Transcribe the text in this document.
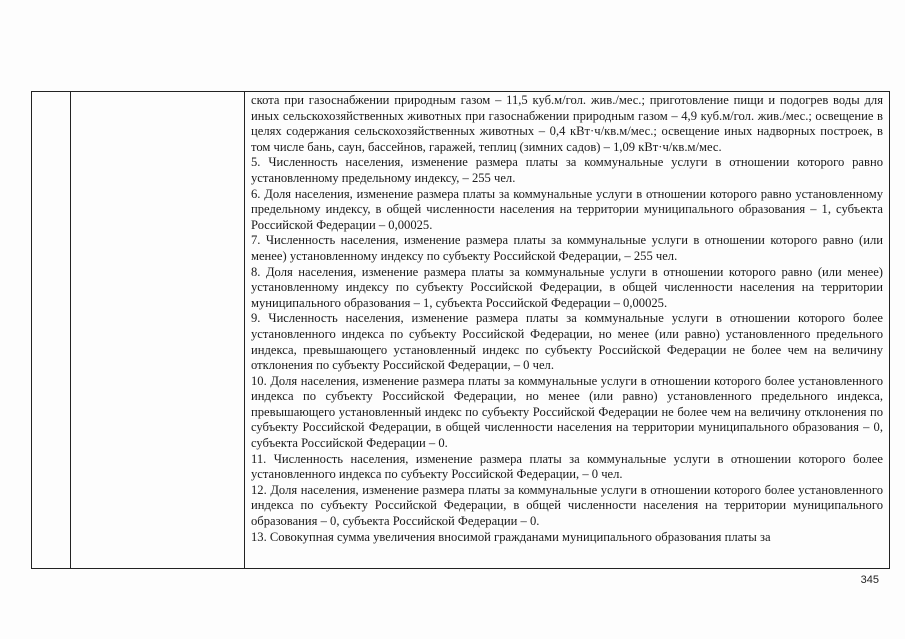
скота при газоснабжении природным газом – 11,5 куб.м/гол. жив./мес.; приготовление пищи и подогрев воды для иных сельскохозяйственных животных при газоснабжении природным газом – 4,9 куб.м/гол. жив./мес.; освещение в целях содержания сельскохозяйственных животных – 0,4 кВт·ч/кв.м/мес.; освещение иных надворных построек, в том числе бань, саун, бассейнов, гаражей, теплиц (зимних садов) – 1,09 кВт·ч/кв.м/мес.

5. Численность населения, изменение размера платы за коммунальные услуги в отношении которого равно установленному предельному индексу, – 255 чел.

6. Доля населения, изменение размера платы за коммунальные услуги в отношении которого равно установленному предельному индексу, в общей численности населения на территории муниципального образования – 1, субъекта Российской Федерации – 0,00025.

7. Численность населения, изменение размера платы за коммунальные услуги в отношении которого равно (или менее) установленному индексу по субъекту Российской Федерации, – 255 чел.

8. Доля населения, изменение размера платы за коммунальные услуги в отношении которого равно (или менее) установленному индексу по субъекту Российской Федерации, в общей численности населения на территории муниципального образования – 1, субъекта Российской Федерации – 0,00025.

9. Численность населения, изменение размера платы за коммунальные услуги в отношении которого более установленного индекса по субъекту Российской Федерации, но менее (или равно) установленного предельного индекса, превышающего установленный индекс по субъекту Российской Федерации не более чем на величину отклонения по субъекту Российской Федерации, – 0 чел.

10. Доля населения, изменение размера платы за коммунальные услуги в отношении которого более установленного индекса по субъекту Российской Федерации, но менее (или равно) установленного предельного индекса, превышающего установленный индекс по субъекту Российской Федерации не более чем на величину отклонения по субъекту Российской Федерации, в общей численности населения на территории муниципального образования – 0, субъекта Российской Федерации – 0.

11. Численность населения, изменение размера платы за коммунальные услуги в отношении которого более установленного индекса по субъекту Российской Федерации, – 0 чел.

12. Доля населения, изменение размера платы за коммунальные услуги в отношении которого более установленного индекса по субъекту Российской Федерации, в общей численности населения на территории муниципального образования – 0, субъекта Российской Федерации – 0.

13. Совокупная сумма увеличения вносимой гражданами муниципального образования платы за

345
